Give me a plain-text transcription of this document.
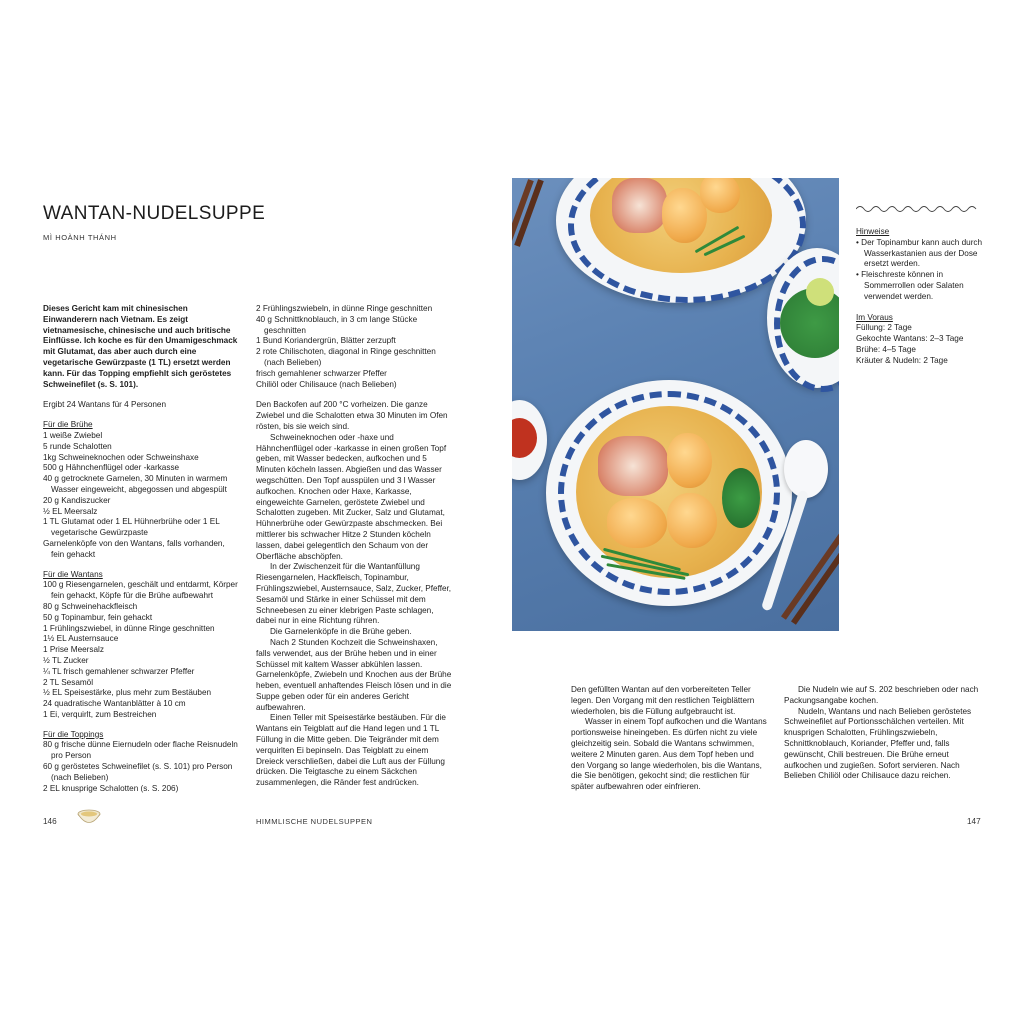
WANTAN-NUDELSUPPE
MÌ HOÀNH THÁNH

Dieses Gericht kam mit chinesischen Einwanderern nach Vietnam. Es zeigt vietnamesische, chinesische und auch britische Einflüsse. Ich koche es für den Umamigeschmack mit Glutamat, das aber auch durch eine vegetarische Gewürzpaste (1 TL) ersetzt werden kann. Für das Topping empfiehlt sich geröstetes Schweinefilet (s. S. 101).

Ergibt 24 Wantans für 4 Personen

Für die Brühe

1 weiße Zwiebel

5 runde Schalotten

1kg Schweineknochen oder Schweinshaxe

500 g Hähnchenflügel oder -karkasse

40 g getrocknete Garnelen, 30 Minuten in warmem Wasser eingeweicht, abgegossen und abgespült

20 g Kandiszucker

½ EL Meersalz

1 TL Glutamat oder 1 EL Hühnerbrühe oder 1 EL vegetarische Gewürzpaste

Garnelenköpfe von den Wantans, falls vorhanden, fein gehackt

Für die Wantans

100 g Riesengarnelen, geschält und entdarmt, Körper fein gehackt, Köpfe für die Brühe aufbewahrt

80 g Schweinehackfleisch

50 g Topinambur, fein gehackt

1 Frühlingszwiebel, in dünne Ringe geschnitten

1½ EL Austernsauce

1 Prise Meersalz

½ TL Zucker

¼ TL frisch gemahlener schwarzer Pfeffer

2 TL Sesamöl

½ EL Speisestärke, plus mehr zum Bestäuben

24 quadratische Wantanblätter à 10 cm

1 Ei, verquirlt, zum Bestreichen

Für die Toppings

80 g frische dünne Eiernudeln oder flache Reisnudeln pro Person

60 g geröstetes Schweinefilet (s. S. 101) pro Person (nach Belieben)

2 EL knusprige Schalotten (s. S. 206)

2 Frühlingszwiebeln, in dünne Ringe geschnitten

40 g Schnittknoblauch, in 3 cm lange Stücke geschnitten

1 Bund Koriandergrün, Blätter zerzupft

2 rote Chilischoten, diagonal in Ringe geschnitten (nach Belieben)

frisch gemahlener schwarzer Pfeffer

Chiliöl oder Chilisauce (nach Belieben)

Den Backofen auf 200 °C vorheizen. Die ganze Zwiebel und die Schalotten etwa 30 Minuten im Ofen rösten, bis sie weich sind.

Schweineknochen oder -haxe und Hähnchenflügel oder -karkasse in einen großen Topf geben, mit Wasser bedecken, aufkochen und 5 Minuten köcheln lassen. Abgießen und das Wasser wegschütten. Den Topf ausspülen und 3 l Wasser aufkochen. Knochen oder Haxe, Karkasse, eingeweichte Garnelen, geröstete Zwiebel und Schalotten zugeben. Mit Zucker, Salz und Glutamat, Hühnerbrühe oder Gewürzpaste abschmecken. Bei mittlerer bis schwacher Hitze 2 Stunden köcheln lassen, dabei gelegentlich den Schaum von der Oberfläche abschöpfen.

In der Zwischenzeit für die Wantanfüllung Riesengarnelen, Hackfleisch, Topinambur, Frühlingszwiebel, Austernsauce, Salz, Zucker, Pfeffer, Sesamöl und Stärke in einer Schüssel mit dem Schneebesen zu einer klebrigen Paste schlagen, dabei nur in eine Richtung rühren.

Die Garnelenköpfe in die Brühe geben.

Nach 2 Stunden Kochzeit die Schweinshaxen, falls verwendet, aus der Brühe heben und in einer Schüssel mit kaltem Wasser abkühlen lassen. Garnelenköpfe, Zwiebeln und Knochen aus der Brühe heben, eventuell anhaftendes Fleisch lösen und in die Suppe geben oder für ein anderes Gericht aufbewahren.

Einen Teller mit Speisestärke bestäuben. Für die Wantans ein Teigblatt auf die Hand legen und 1 TL Füllung in die Mitte geben. Die Teigränder mit dem verquirlten Ei bepinseln. Das Teigblatt zu einem Dreieck verschließen, dabei die Luft aus der Füllung drücken. Die Teigtasche zu einem Säckchen zusammenlegen, die Ränder fest andrücken.

146	HIMMLISCHE NUDELSUPPEN

Hinweise

• Der Topinambur kann auch durch Wasserkastanien aus der Dose ersetzt werden.

• Fleischreste können in Sommerrollen oder Salaten verwendet werden.

Im Voraus

Füllung: 2 Tage

Gekochte Wantans: 2–3 Tage

Brühe: 4–5 Tage

Kräuter & Nudeln: 2 Tage

Den gefüllten Wantan auf den vorbereiteten Teller legen. Den Vorgang mit den restlichen Teigblättern wiederholen, bis die Füllung aufgebraucht ist.

Wasser in einem Topf aufkochen und die Wantans portionsweise hineingeben. Es dürfen nicht zu viele gleichzeitig sein. Sobald die Wantans schwimmen, weitere 2 Minuten garen. Aus dem Topf heben und den Vorgang so lange wiederholen, bis die Wantans, die Sie benötigen, gekocht sind; die restlichen für später aufbewahren oder einfrieren.

Die Nudeln wie auf S. 202 beschrieben oder nach Packungsangabe kochen.

Nudeln, Wantans und nach Belieben geröstetes Schweinefilet auf Portionsschälchen verteilen. Mit knusprigen Schalotten, Frühlingszwiebeln, Schnittknoblauch, Koriander, Pfeffer und, falls gewünscht, Chili bestreuen. Die Brühe erneut aufkochen und zugießen. Sofort servieren. Nach Belieben Chiliöl oder Chilisauce dazu reichen.

147
